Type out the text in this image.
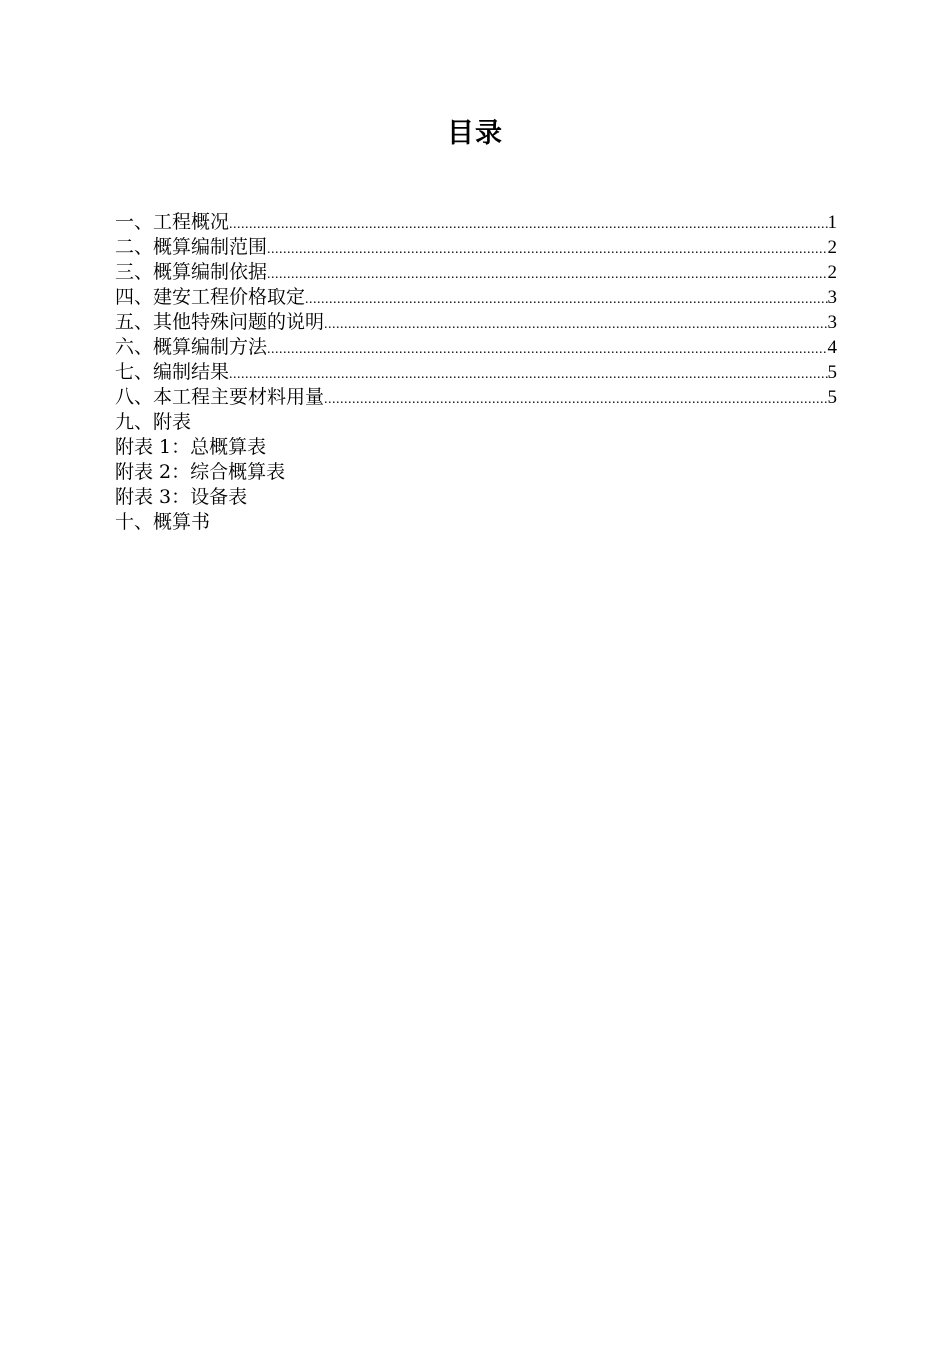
目录
一、工程概况 .....	1
二、概算编制范围 .....	2
三、概算编制依据 .....	2
四、建安工程价格取定 .....	3
五、其他特殊问题的说明 .....	3
六、概算编制方法 .....	4
七、编制结果 .....	5
八、本工程主要材料用量 .....	5
九、附表
附表 1：总概算表
附表 2：综合概算表
附表 3：设备表
十、概算书
